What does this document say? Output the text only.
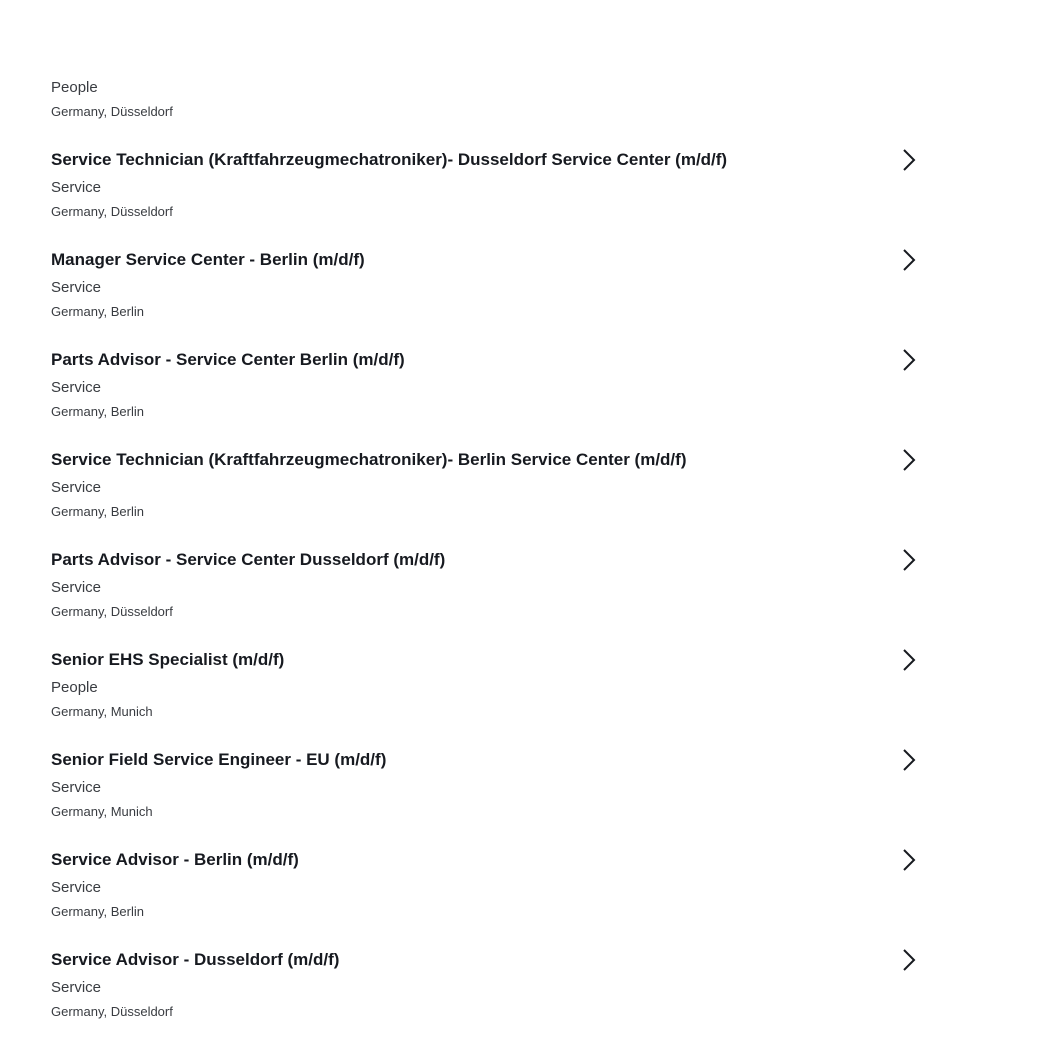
People
Germany, Düsseldorf
Service Technician (Kraftfahrzeugmechatroniker)- Dusseldorf Service Center (m/d/f)
Service
Germany, Düsseldorf
Manager Service Center - Berlin (m/d/f)
Service
Germany, Berlin
Parts Advisor - Service Center Berlin (m/d/f)
Service
Germany, Berlin
Service Technician (Kraftfahrzeugmechatroniker)- Berlin Service Center (m/d/f)
Service
Germany, Berlin
Parts Advisor - Service Center Dusseldorf (m/d/f)
Service
Germany, Düsseldorf
Senior EHS Specialist (m/d/f)
People
Germany, Munich
Senior Field Service Engineer - EU (m/d/f)
Service
Germany, Munich
Service Advisor - Berlin (m/d/f)
Service
Germany, Berlin
Service Advisor - Dusseldorf (m/d/f)
Service
Germany, Düsseldorf
